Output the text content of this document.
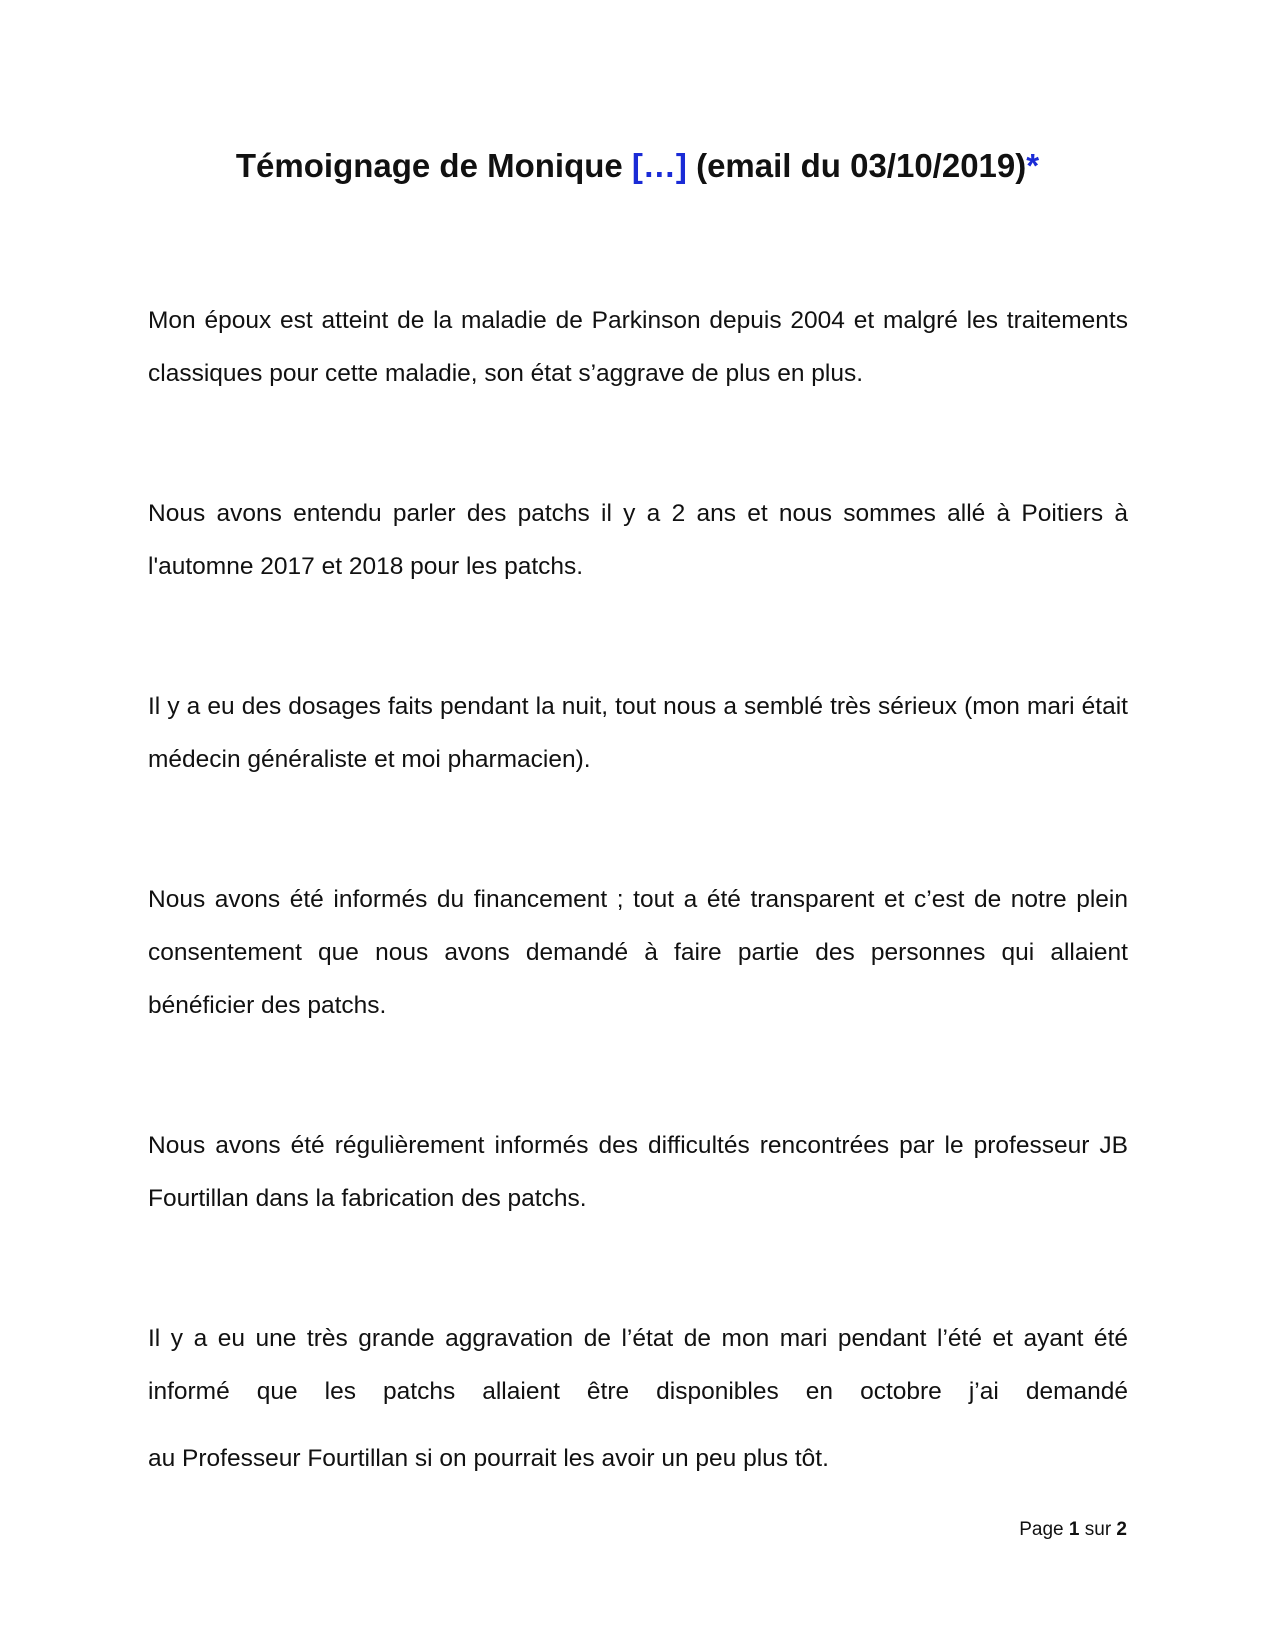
Témoignage de Monique […] (email du 03/10/2019)*

Mon époux est atteint de la maladie de Parkinson depuis 2004 et malgré les traitements classiques pour cette maladie, son état s’aggrave de plus en plus.

Nous avons entendu parler des patchs il y a 2 ans et nous sommes allé à Poitiers à l'automne 2017 et 2018 pour les patchs.

Il y a eu des dosages faits pendant la nuit, tout nous a semblé très sérieux (mon mari était médecin généraliste et moi pharmacien).

Nous avons été informés du financement ; tout a été transparent et c’est de notre plein consentement que nous avons demandé à faire partie des personnes qui allaient bénéficier des patchs.

Nous avons été régulièrement informés des difficultés rencontrées par le professeur JB Fourtillan dans la fabrication des patchs.

Il y a eu une très grande aggravation de l’état de mon mari pendant l’été et ayant été informé que les patchs allaient être disponibles en octobre j’ai demandé

au Professeur Fourtillan si on pourrait les avoir un peu plus tôt.

Page 1 sur 2
